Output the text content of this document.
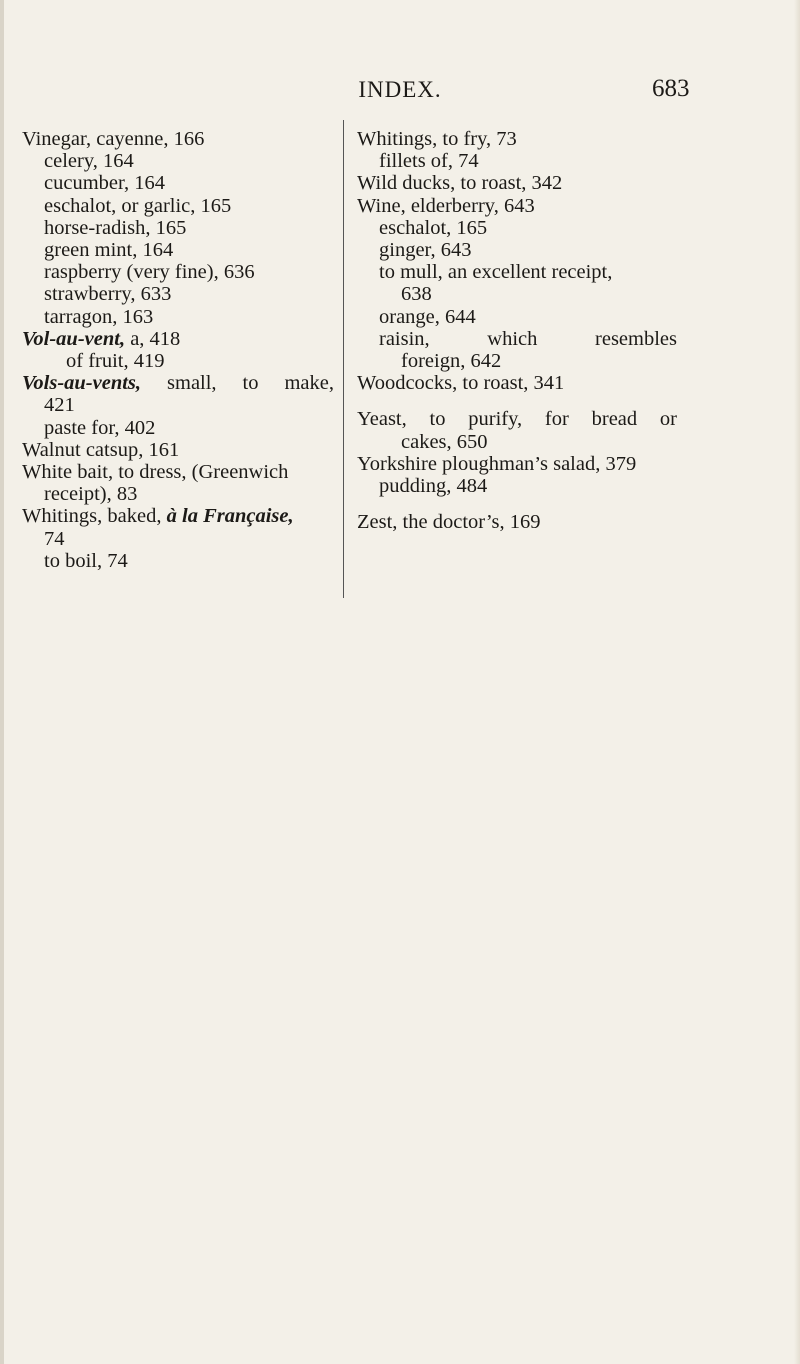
INDEX.	683
Vinegar, cayenne, 166
celery, 164
cucumber, 164
eschalot, or garlic, 165
horse-radish, 165
green mint, 164
raspberry (very fine), 636
strawberry, 633
tarragon, 163
Vol-au-vent, a, 418
of fruit, 419
Vols-au-vents, small, to make,
421
paste for, 402
Walnut catsup, 161
White bait, to dress, (Greenwich
receipt), 83
Whitings, baked, à la Française,
74
to boil, 74
Whitings, to fry, 73
fillets of, 74
Wild ducks, to roast, 342
Wine, elderberry, 643
eschalot, 165
ginger, 643
to mull, an excellent receipt,
638
orange, 644
raisin, which resembles
foreign, 642
Woodcocks, to roast, 341
Yeast, to purify, for bread or
cakes, 650
Yorkshire ploughman’s salad, 379
pudding, 484
Zest, the doctor’s, 169
